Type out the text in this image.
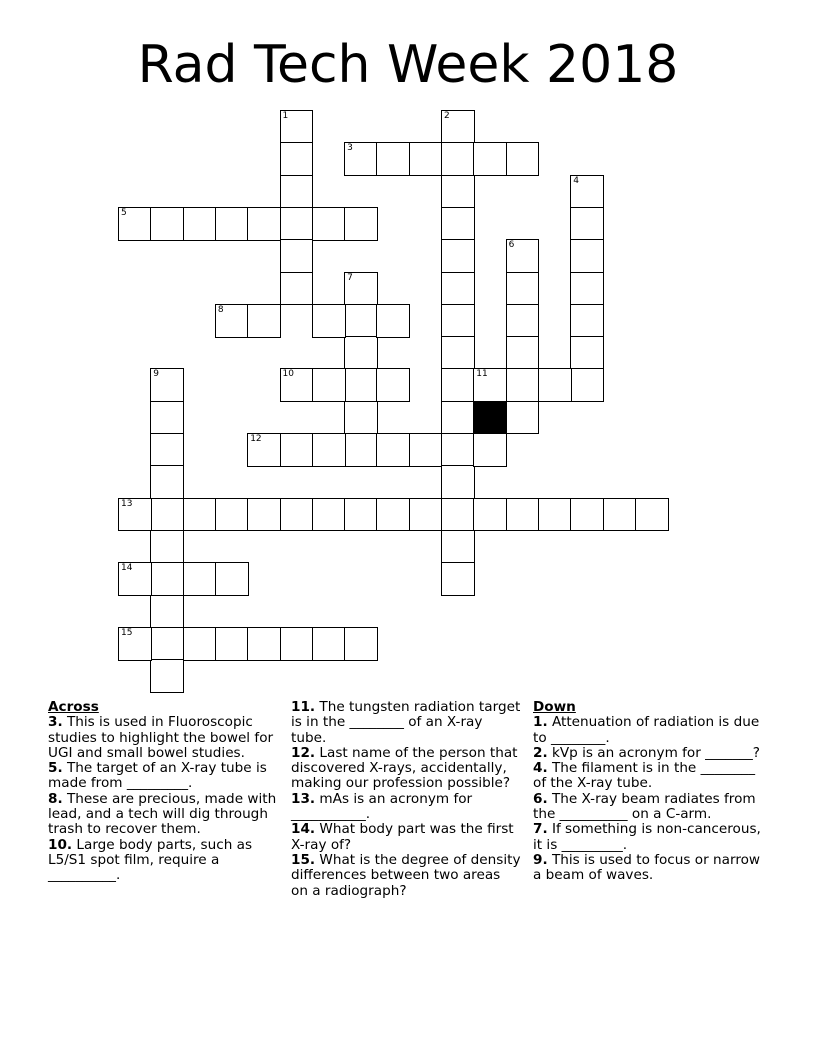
Rad Tech Week 2018
1	2
3
4
5
6
7
8
9	10	11
12
13
14
15
Across
3. This is used in Fluoroscopic studies to highlight the bowel for UGI and small bowel studies.
5. The target of an X-ray tube is made from _________.
8. These are precious, made with lead, and a tech will dig through trash to recover them.
10. Large body parts, such as L5/S1 spot film, require a __________.
11. The tungsten radiation target is in the ________ of an X-ray tube.
12. Last name of the person that discovered X-rays, accidentally, making our profession possible?
13. mAs is an acronym for ___________.
14. What body part was the first X-ray of?
15. What is the degree of density differences between two areas on a radiograph?
Down
1. Attenuation of radiation is due to ________.
2. kVp is an acronym for _______?
4. The filament is in the ________ of the X-ray tube.
6. The X-ray beam radiates from the __________ on a C-arm.
7. If something is non-cancerous, it is _________.
9. This is used to focus or narrow a beam of waves.
